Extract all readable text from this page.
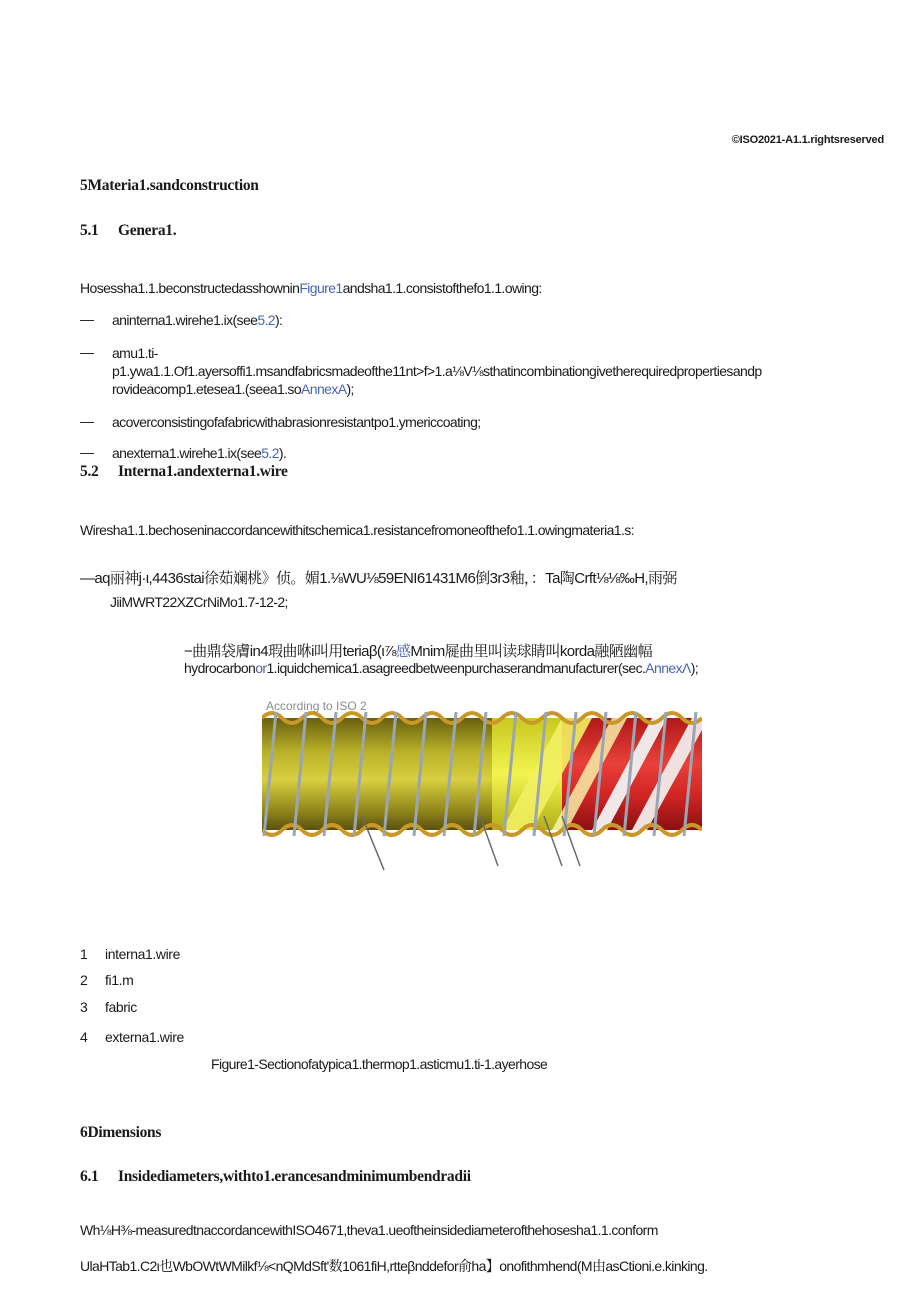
©ISO2021-A1.1.rightsreserved
5Materia1.sandconstruction
5.1 Genera1.
Hosessha1.1.beconstructedasshowninFigure1andsha1.1.consistofthefo1.1.owing:
— aninterna1.wirehe1.ix(see5.2):
— amu1.ti-
p1.ywa1.1.Of1.ayersoffi1.msandfabricsmadeofthe11nt>f>1.a⅛V⅛sthatincombinationgivetherequiredpropertiesandp
rovideacomp1.etesea1.(seea1.soAnnexA);
— acoverconsistingofafabricwithabrasionresistantpo1.ymericcoating;
— anexterna1.wirehe1.ix(see5.2).
5.2 Interna1.andexterna1.wire
Wiresha1.1.bechoseninaccordancewithitschemica1.resistancefromoneofthefo1.1.owingmateria1.s:
—aq丽神j·ι,4436stai徐茹斓桃》侦。媚1.⅛WU⅛59ENI61431M6倒3r3釉，：Ta陶Crft⅛⅛‰H,雨弼
JiiMWRT22XZCrNiMo1.7-12-2;
−曲鼎袋膚in4瑕曲咻i叫用teriaβ(ι⅞感Mnim屣曲里叫读球睛叫korda融陋幽幅
hydrocarbonor1.iquidchemica1.asagreedbetweenpurchaserandmanufacturer(sec.AnnexΛ);
According to ISO 2
1 interna1.wire
2 fi1.m
3 fabric
4 externa1.wire
Figure1-Sectionofatypica1.thermop1.asticmu1.ti-1.ayerhose
6Dimensions
6.1 Insidediameters,withto1.erancesandminimumbendradii
Wh⅛H⅜-measuredtnaccordancewithISO4671,theva1.ueoftheinsidediameterofthehosesha1.1.conform
UlaHTab1.C2ι也WbOWtWMilkf⅛<nQMdSft'数1061fiH,rtteβnddefor俞ha】onofithmhend(M由asCtioni.e.kinking.
